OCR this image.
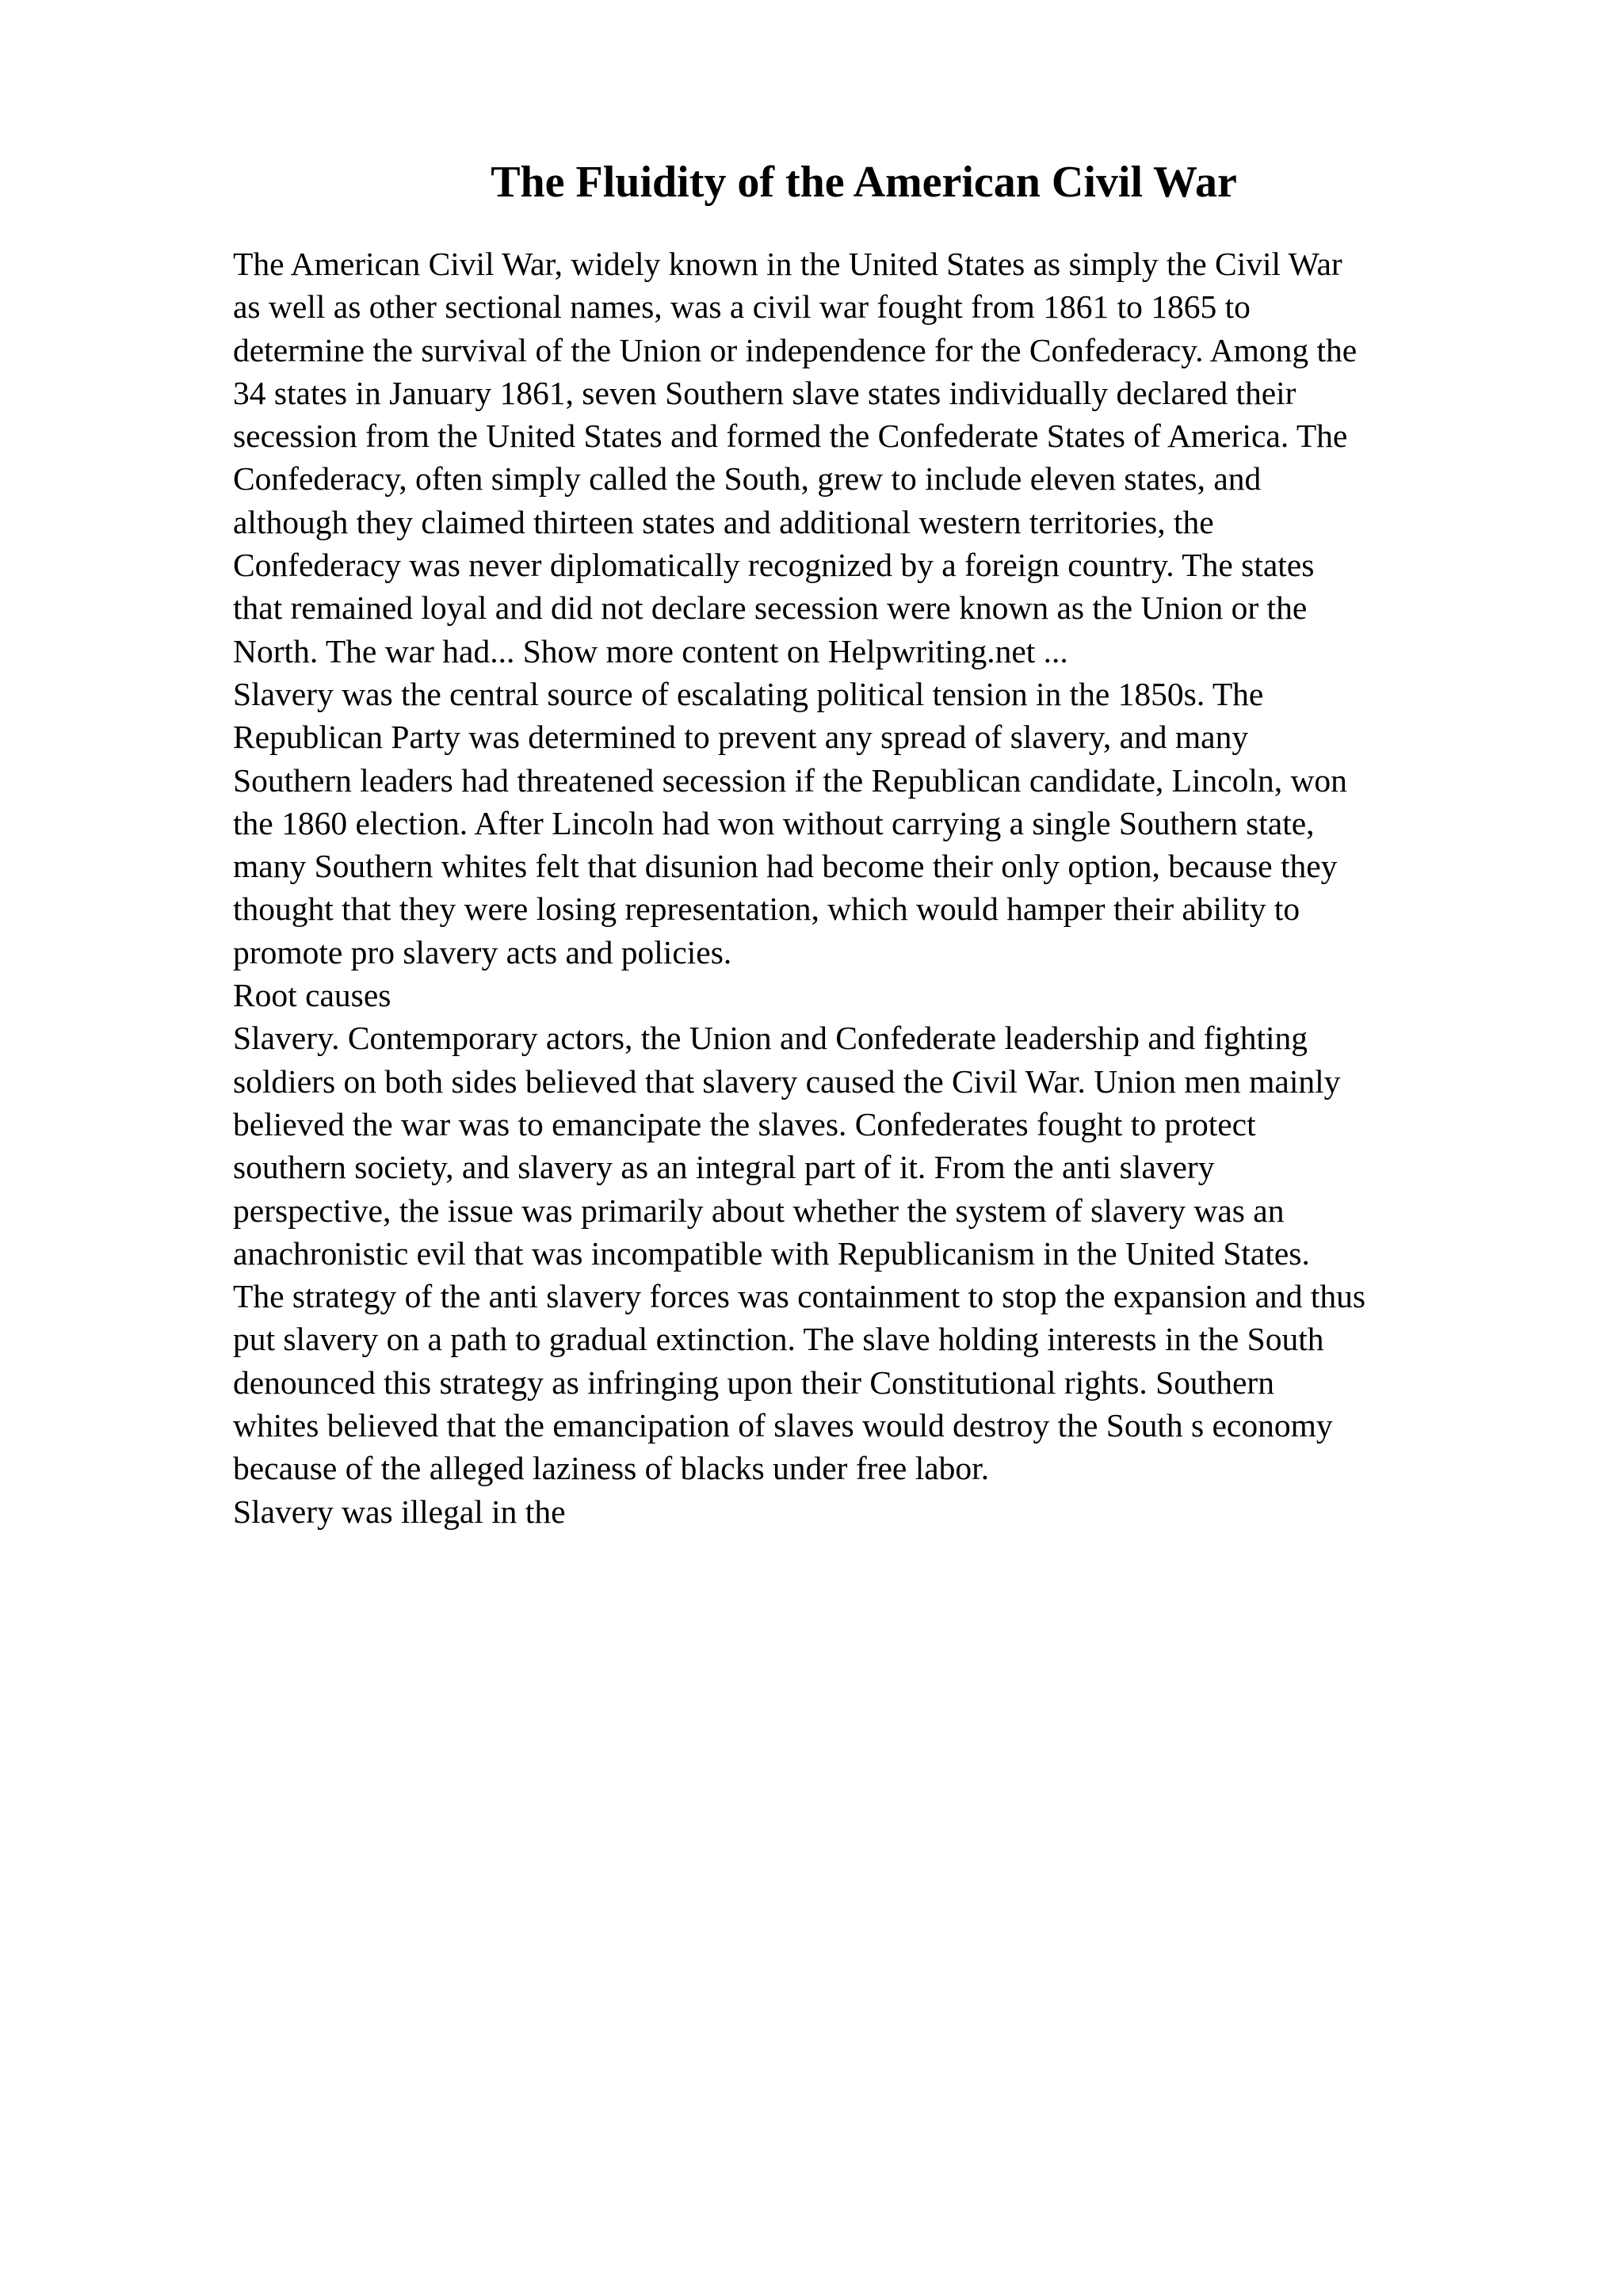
The Fluidity of the American Civil War
The American Civil War, widely known in the United States as simply the Civil War
as well as other sectional names, was a civil war fought from 1861 to 1865 to
determine the survival of the Union or independence for the Confederacy. Among the
34 states in January 1861, seven Southern slave states individually declared their
secession from the United States and formed the Confederate States of America. The
Confederacy, often simply called the South, grew to include eleven states, and
although they claimed thirteen states and additional western territories, the
Confederacy was never diplomatically recognized by a foreign country. The states
that remained loyal and did not declare secession were known as the Union or the
North. The war had... Show more content on Helpwriting.net ...
Slavery was the central source of escalating political tension in the 1850s. The
Republican Party was determined to prevent any spread of slavery, and many
Southern leaders had threatened secession if the Republican candidate, Lincoln, won
the 1860 election. After Lincoln had won without carrying a single Southern state,
many Southern whites felt that disunion had become their only option, because they
thought that they were losing representation, which would hamper their ability to
promote pro slavery acts and policies.
Root causes
Slavery. Contemporary actors, the Union and Confederate leadership and fighting
soldiers on both sides believed that slavery caused the Civil War. Union men mainly
believed the war was to emancipate the slaves. Confederates fought to protect
southern society, and slavery as an integral part of it. From the anti slavery
perspective, the issue was primarily about whether the system of slavery was an
anachronistic evil that was incompatible with Republicanism in the United States.
The strategy of the anti slavery forces was containment to stop the expansion and thus
put slavery on a path to gradual extinction. The slave holding interests in the South
denounced this strategy as infringing upon their Constitutional rights. Southern
whites believed that the emancipation of slaves would destroy the South s economy
because of the alleged laziness of blacks under free labor.
Slavery was illegal in the
